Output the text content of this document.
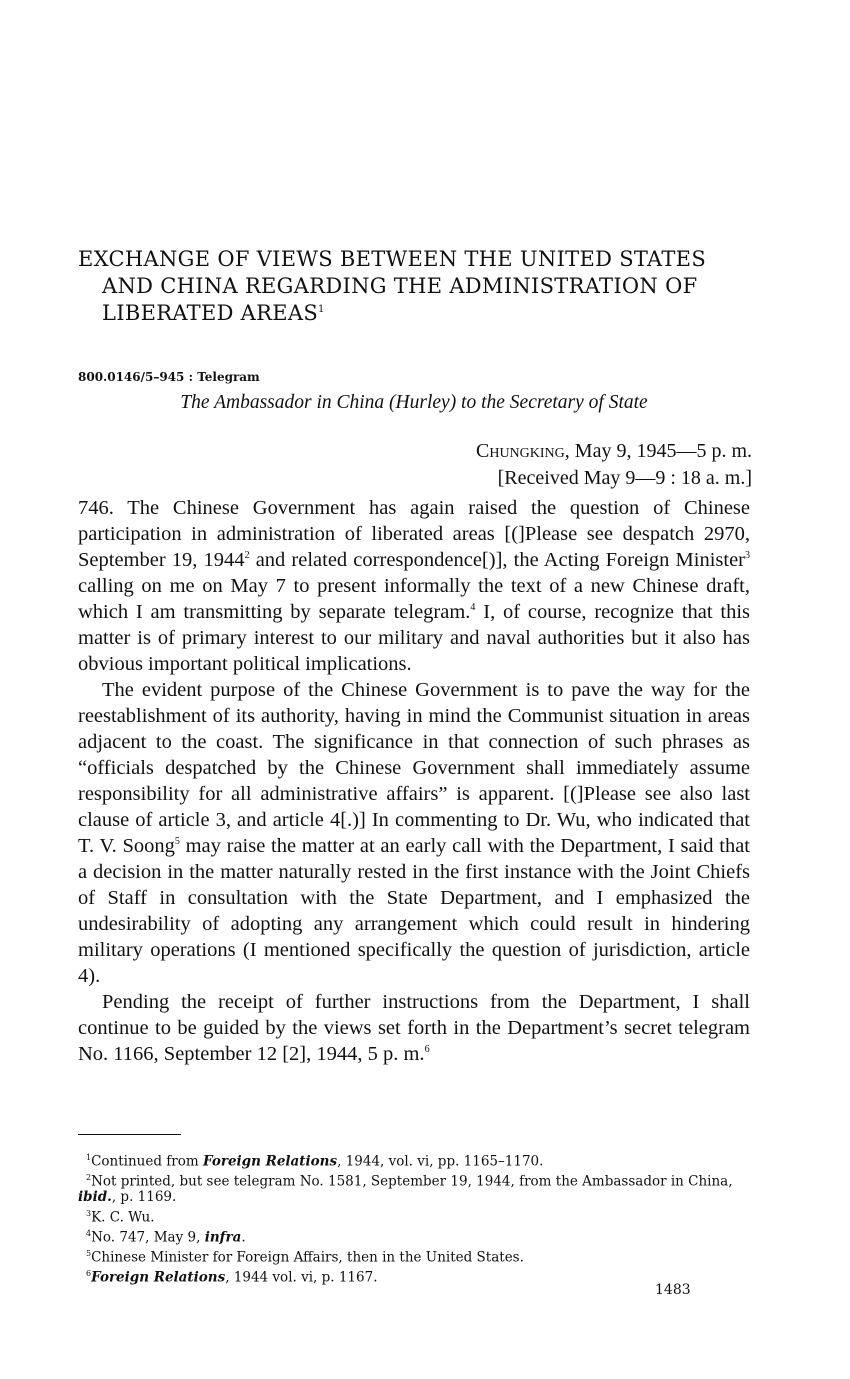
EXCHANGE OF VIEWS BETWEEN THE UNITED STATES
AND CHINA REGARDING THE ADMINISTRATION OF
LIBERATED AREAS$^1$
800.0146/5–945 : Telegram
The Ambassador in China (Hurley) to the Secretary of State
Chungking, May 9, 1945—5 p. m.
[Received May 9—9 : 18 a. m.]

746. The Chinese Government has again raised the question of Chinese participation in administration of liberated areas [(]Please see despatch 2970, September 19, 1944$^2$ and related correspondence[)], the Acting Foreign Minister$^3$ calling on me on May 7 to present informally the text of a new Chinese draft, which I am transmitting by separate telegram.$^4$ I, of course, recognize that this matter is of primary interest to our military and naval authorities but it also has obvious important political implications.

The evident purpose of the Chinese Government is to pave the way for the reestablishment of its authority, having in mind the Communist situation in areas adjacent to the coast. The significance in that connection of such phrases as “officials despatched by the Chinese Government shall immediately assume responsibility for all administrative affairs” is apparent. [(]Please see also last clause of article 3, and article 4[.)] In commenting to Dr. Wu, who indicated that T. V. Soong$^5$ may raise the matter at an early call with the Department, I said that a decision in the matter naturally rested in the first instance with the Joint Chiefs of Staff in consultation with the State Department, and I emphasized the undesirability of adopting any arrangement which could result in hindering military operations (I mentioned specifically the question of jurisdiction, article 4).

Pending the receipt of further instructions from the Department, I shall continue to be guided by the views set forth in the Department’s secret telegram No. 1166, September 12 [2], 1944, 5 p. m.$^6$

$^1$Continued from Foreign Relations, 1944, vol. vi, pp. 1165–1170.

$^2$Not printed, but see telegram No. 1581, September 19, 1944, from the Ambassador in China, ibid., p. 1169.

$^3$K. C. Wu.

$^4$No. 747, May 9, infra.

$^5$Chinese Minister for Foreign Affairs, then in the United States.

$^6$Foreign Relations, 1944 vol. vi, p. 1167.

1483
